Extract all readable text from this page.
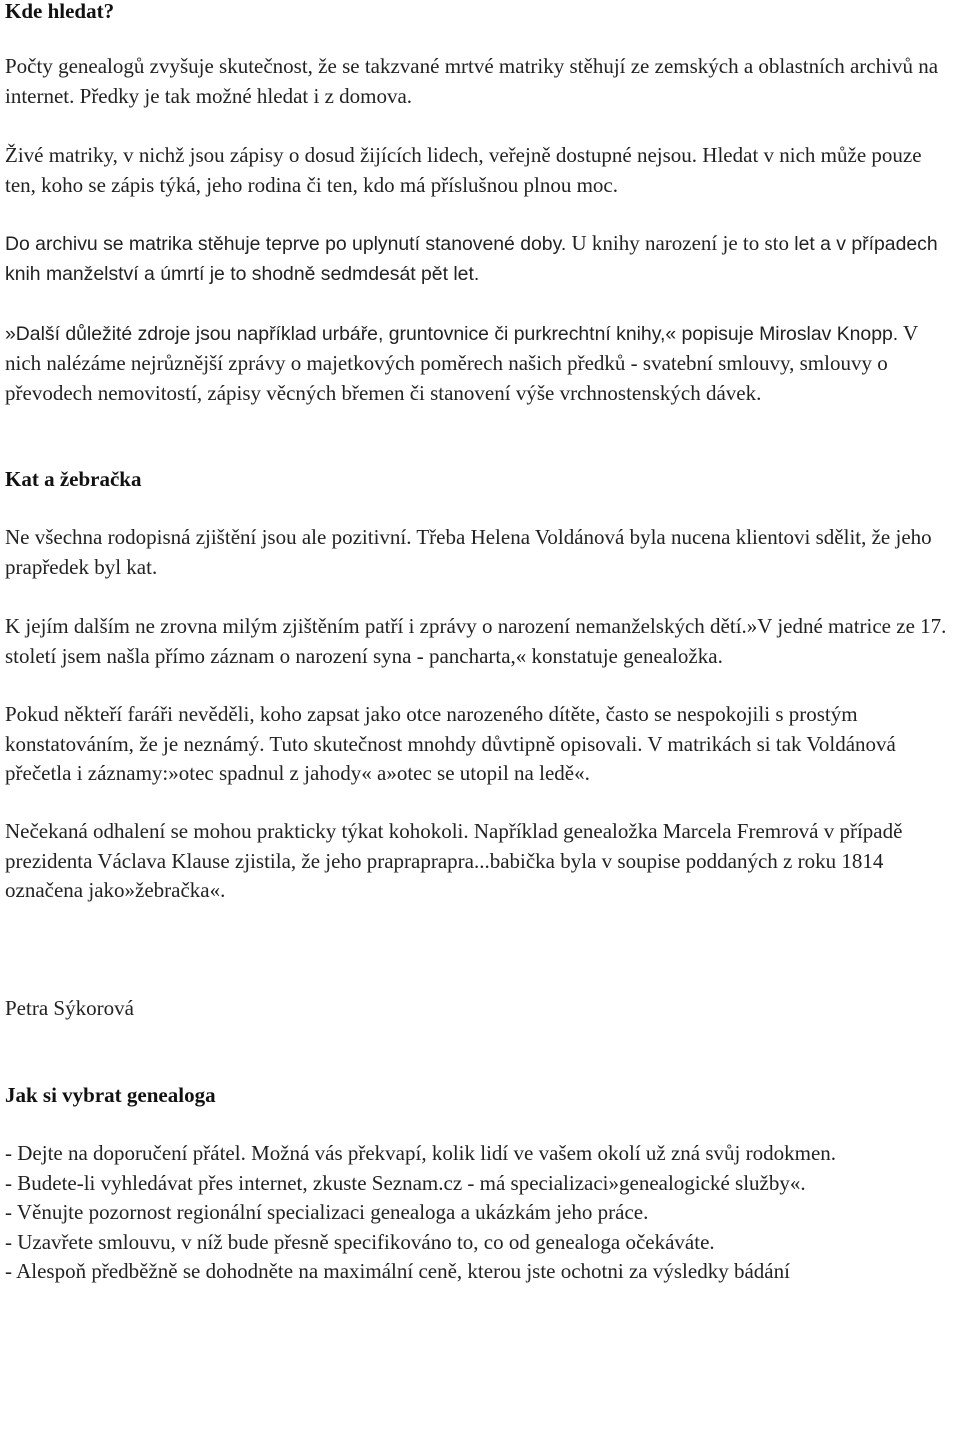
Kde hledat?

Počty genealogů zvyšuje skutečnost, že se takzvané mrtvé matriky stěhují ze zemských a oblastních archivů na internet. Předky je tak možné hledat i z domova.

Živé matriky, v nichž jsou zápisy o dosud žijících lidech, veřejně dostupné nejsou. Hledat v nich může pouze ten, koho se zápis týká, jeho rodina či ten, kdo má příslušnou plnou moc.

Do archivu se matrika stěhuje teprve po uplynutí stanovené doby. U knihy narození je to sto let a v případech knih manželství a úmrtí je to shodně sedmdesát pět let.

»Další důležité zdroje jsou například urbáře, gruntovnice či purkrechtní knihy,« popisuje Miroslav Knopp. V nich nalézáme nejrůznější zprávy o majetkových poměrech našich předků - svatební smlouvy, smlouvy o převodech nemovitostí, zápisy věcných břemen či stanovení výše vrchnostenských dávek.

Kat a žebračka

Ne všechna rodopisná zjištění jsou ale pozitivní. Třeba Helena Voldánová byla nucena klientovi sdělit, že jeho prapředek byl kat.

K jejím dalším ne zrovna milým zjištěním patří i zprávy o narození nemanželských dětí.»V jedné matrice ze 17. století jsem našla přímo záznam o narození syna - pancharta,« konstatuje genealožka.

Pokud někteří faráři nevěděli, koho zapsat jako otce narozeného dítěte, často se nespokojili s prostým konstatováním, že je neznámý. Tuto skutečnost mnohdy důvtipně opisovali. V matrikách si tak Voldánová přečetla i záznamy:»otec spadnul z jahody« a»otec se utopil na ledě«.

Nečekaná odhalení se mohou prakticky týkat kohokoli. Například genealožka Marcela Fremrová v případě prezidenta Václava Klause zjistila, že jeho prapraprapra...babička byla v soupise poddaných z roku 1814 označena jako»žebračka«.

Petra Sýkorová

Jak si vybrat genealoga

- Dejte na doporučení přátel. Možná vás překvapí, kolik lidí ve vašem okolí už zná svůj rodokmen.

- Budete-li vyhledávat přes internet, zkuste Seznam.cz - má specializaci»genealogické služby«.

- Věnujte pozornost regionální specializaci genealoga a ukázkám jeho práce.

- Uzavřete smlouvu, v níž bude přesně specifikováno to, co od genealoga očekáváte.

- Alespoň předběžně se dohodněte na maximální ceně, kterou jste ochotni za výsledky bádání
